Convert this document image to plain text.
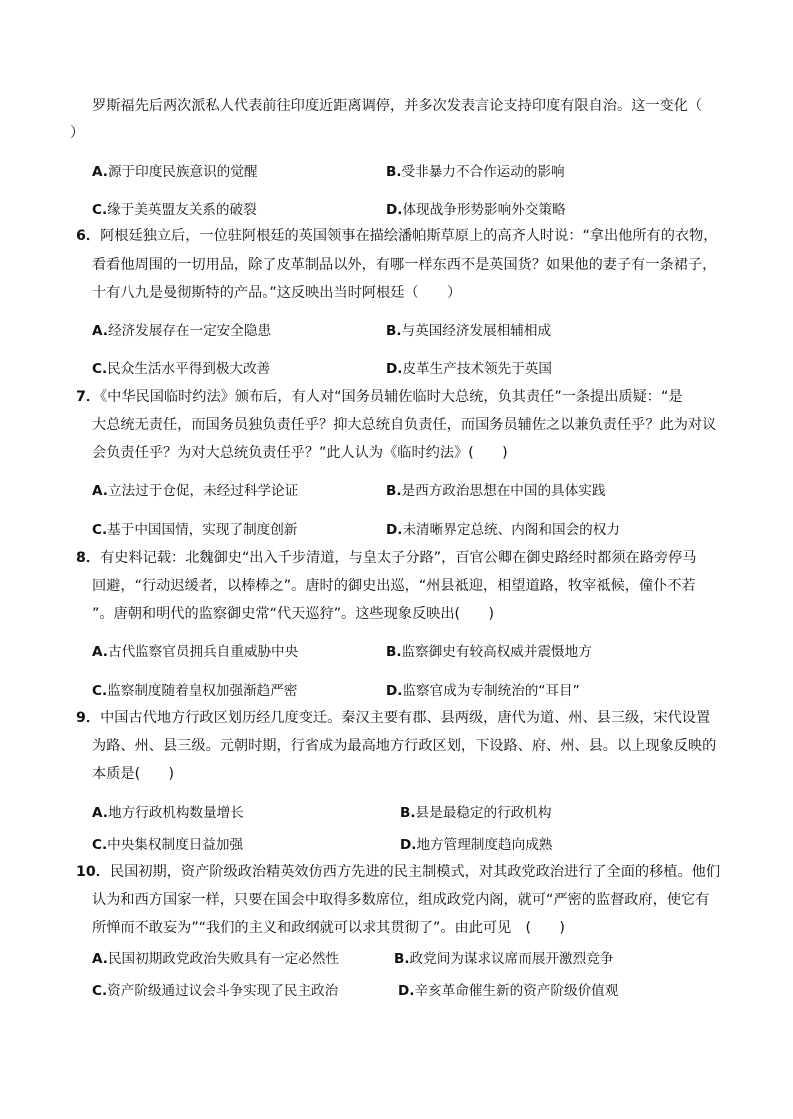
罗斯福先后两次派私人代表前往印度近距离调停，并多次发表言论支持印度有限自治。这一变化（
）
A.源于印度民族意识的觉醒	B.受非暴力不合作运动的影响
C.缘于美英盟友关系的破裂	D.体现战争形势影响外交策略
6．阿根廷独立后，一位驻阿根廷的英国领事在描绘潘帕斯草原上的高齐人时说：“拿出他所有的衣物，
看看他周围的一切用品，除了皮革制品以外，有哪一样东西不是英国货？如果他的妻子有一条裙子，
十有八九是曼彻斯特的产品。”这反映出当时阿根廷（　　）
A.经济发展存在一定安全隐患	B.与英国经济发展相辅相成
C.民众生活水平得到极大改善	D.皮革生产技术领先于英国
7．《中华民国临时约法》颁布后，有人对“国务员辅佐临时大总统，负其责任”一条提出质疑：“是
大总统无责任，而国务员独负责任乎？抑大总统自负责任，而国务员辅佐之以兼负责任乎？此为对议
会负责任乎？为对大总统负责任乎？”此人认为《临时约法》(　　)
A.立法过于仓促，未经过科学论证	B.是西方政治思想在中国的具体实践
C.基于中国国情，实现了制度创新	D.未清晰界定总统、内阁和国会的权力
8．有史料记载：北魏御史“出入千步清道，与皇太子分路”，百官公卿在御史路经时都须在路旁停马
回避，“行动迟缓者，以棒棒之”。唐时的御史出巡，“州县祗迎，相望道路，牧宰祗候，僮仆不若
”。唐朝和明代的监察御史常“代天巡狩”。这些现象反映出(　　)
A.古代监察官员拥兵自重威胁中央	B.监察御史有较高权威并震慑地方
C.监察制度随着皇权加强渐趋严密	D.监察官成为专制统治的“耳目”
9．中国古代地方行政区划历经几度变迁。秦汉主要有郡、县两级，唐代为道、州、县三级，宋代设置
为路、州、县三级。元朝时期，行省成为最高地方行政区划，下设路、府、州、县。以上现象反映的
本质是(　　)
A.地方行政机构数量增长	B.县是最稳定的行政机构
C.中央集权制度日益加强	D.地方管理制度趋向成熟
10．民国初期，资产阶级政治精英效仿西方先进的民主制模式，对其政党政治进行了全面的移植。他们
认为和西方国家一样，只要在国会中取得多数席位，组成政党内阁，就可“严密的监督政府，使它有
所惮而不敢妄为”“我们的主义和政纲就可以求其贯彻了”。由此可见　(　　)
A.民国初期政党政治失败具有一定必然性	B.政党间为谋求议席而展开激烈竞争
C.资产阶级通过议会斗争实现了民主政治	D.辛亥革命催生新的资产阶级价值观
